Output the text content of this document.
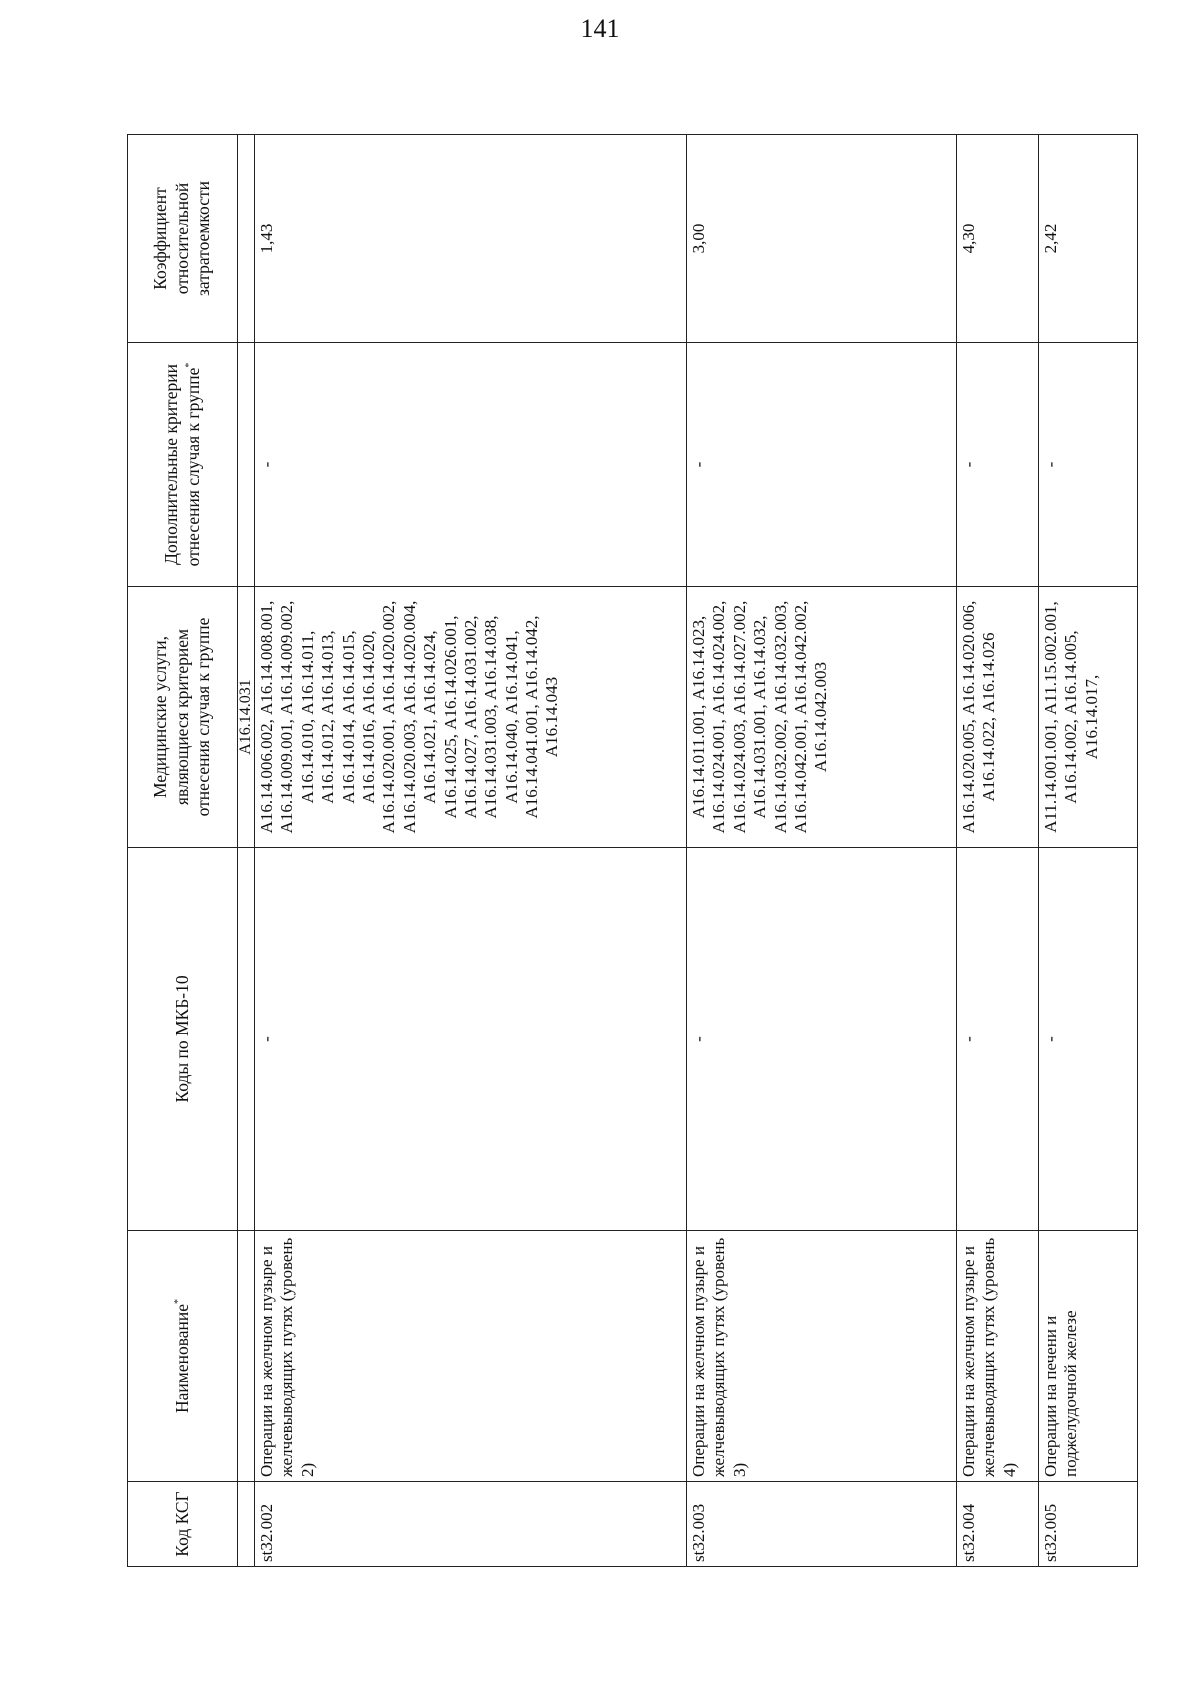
141
Код КСГ	Наименование*	Коды по МКБ-10	Медицинские услуги, являющиеся критерием отнесения случая к группе	Дополнительные критерии отнесения случая к группе*	Коэффициент относительной затратоемкости
			А16.14.031		
st32.002	Операции на желчном пузыре и желчевыводящих путях (уровень 2)	-	А16.14.006.002, А16.14.008.001, А16.14.009.001, А16.14.009.002, А16.14.010, А16.14.011, А16.14.012, А16.14.013, А16.14.014, А16.14.015, А16.14.016, А16.14.020, А16.14.020.001, А16.14.020.002, А16.14.020.003, А16.14.020.004, А16.14.021, А16.14.024, А16.14.025, А16.14.026.001, А16.14.027, А16.14.031.002, А16.14.031.003, А16.14.038, А16.14.040, А16.14.041, А16.14.041.001, А16.14.042, А16.14.043	-	1,43
st32.003	Операции на желчном пузыре и желчевыводящих путях (уровень 3)	-	А16.14.011.001, А16.14.023, А16.14.024.001, А16.14.024.002, А16.14.024.003, А16.14.027.002, А16.14.031.001, А16.14.032, А16.14.032.002, А16.14.032.003, А16.14.042.001, А16.14.042.002, А16.14.042.003	-	3,00
st32.004	Операции на желчном пузыре и желчевыводящих путях (уровень 4)	-	А16.14.020.005, А16.14.020.006, А16.14.022, А16.14.026	-	4,30
st32.005	Операции на печени и поджелудочной железе	-	А11.14.001.001, А11.15.002.001, А16.14.002, А16.14.005, А16.14.017,	-	2,42
